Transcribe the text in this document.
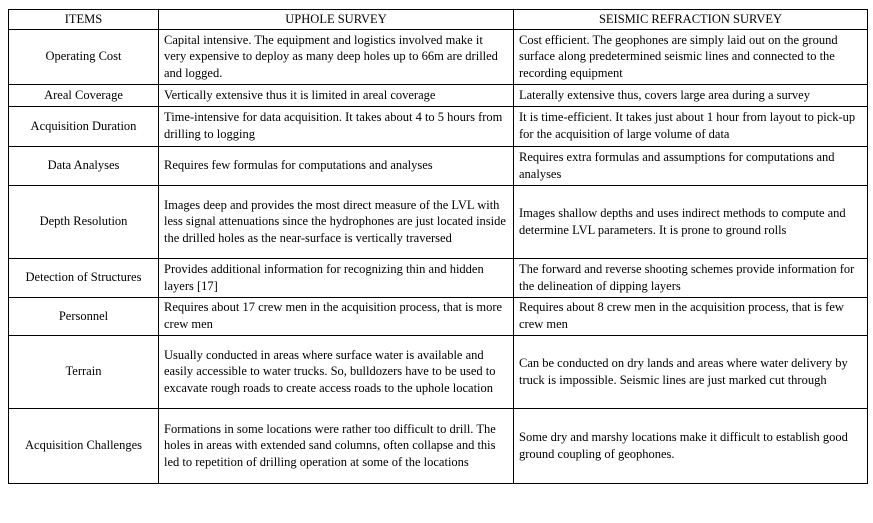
ITEMS	UPHOLE SURVEY	SEISMIC REFRACTION SURVEY
Operating Cost	Capital intensive. The equipment and logistics involved make it very expensive to deploy as many deep holes up to 66m are drilled and logged.	Cost efficient. The geophones are simply laid out on the ground surface along predetermined seismic lines and connected to the recording equipment
Areal Coverage	Vertically extensive thus it is limited in areal coverage	Laterally extensive thus, covers large area during a survey
Acquisition Duration	Time-intensive for data acquisition. It takes about 4 to 5 hours from drilling to logging	It is time-efficient. It takes just about 1 hour from layout to pick-up for the acquisition of large volume of data
Data Analyses	Requires few formulas for computations and analyses	Requires extra formulas and assumptions for computations and analyses
Depth Resolution	Images deep and provides the most direct measure of the LVL with less signal attenuations since the hydrophones are just located inside the drilled holes as the near-surface is vertically traversed	Images shallow depths and uses indirect methods to compute and determine LVL parameters. It is prone to ground rolls
Detection of Structures	Provides additional information for recognizing thin and hidden layers [17]	The forward and reverse shooting schemes provide information for the delineation of dipping layers
Personnel	Requires about 17 crew men in the acquisition process, that is more crew men	Requires about 8 crew men in the acquisition process, that is few crew men
Terrain	Usually conducted in areas where surface water is available and easily accessible to water trucks. So, bulldozers have to be used to excavate rough roads to create access roads to the uphole location	Can be conducted on dry lands and areas where water delivery by truck is impossible. Seismic lines are just marked cut through
Acquisition Challenges	Formations in some locations were rather too difficult to drill. The holes in areas with extended sand columns, often collapse and this led to repetition of drilling operation at some of the locations	Some dry and marshy locations make it difficult to establish good ground coupling of geophones.
